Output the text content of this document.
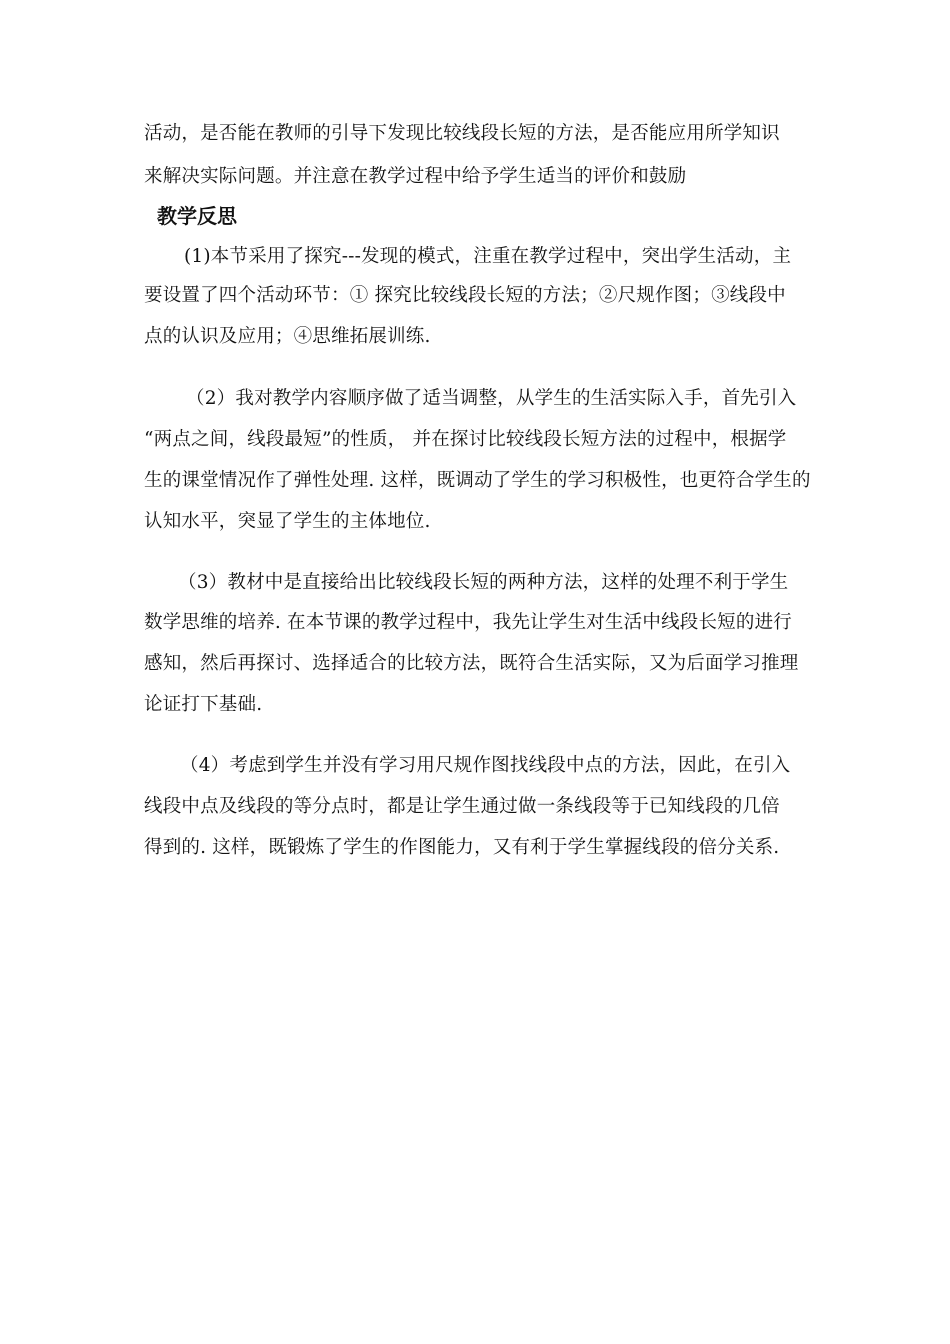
活动，是否能在教师的引导下发现比较线段长短的方法，是否能应用所学知识
来解决实际问题。并注意在教学过程中给予学生适当的评价和鼓励
教学反思
(1)本节采用了探究---发现的模式，注重在教学过程中，突出学生活动，主
要设置了四个活动环节：① 探究比较线段长短的方法；②尺规作图；③线段中
点的认识及应用；④思维拓展训练.
（2）我对教学内容顺序做了适当调整，从学生的生活实际入手，首先引入
“两点之间，线段最短”的性质， 并在探讨比较线段长短方法的过程中，根据学
生的课堂情况作了弹性处理. 这样，既调动了学生的学习积极性，也更符合学生的
认知水平，突显了学生的主体地位.
（3）教材中是直接给出比较线段长短的两种方法，这样的处理不利于学生
数学思维的培养. 在本节课的教学过程中，我先让学生对生活中线段长短的进行
感知，然后再探讨、选择适合的比较方法，既符合生活实际，又为后面学习推理
论证打下基础.
（4）考虑到学生并没有学习用尺规作图找线段中点的方法，因此，在引入
线段中点及线段的等分点时，都是让学生通过做一条线段等于已知线段的几倍
得到的. 这样，既锻炼了学生的作图能力，又有利于学生掌握线段的倍分关系.
